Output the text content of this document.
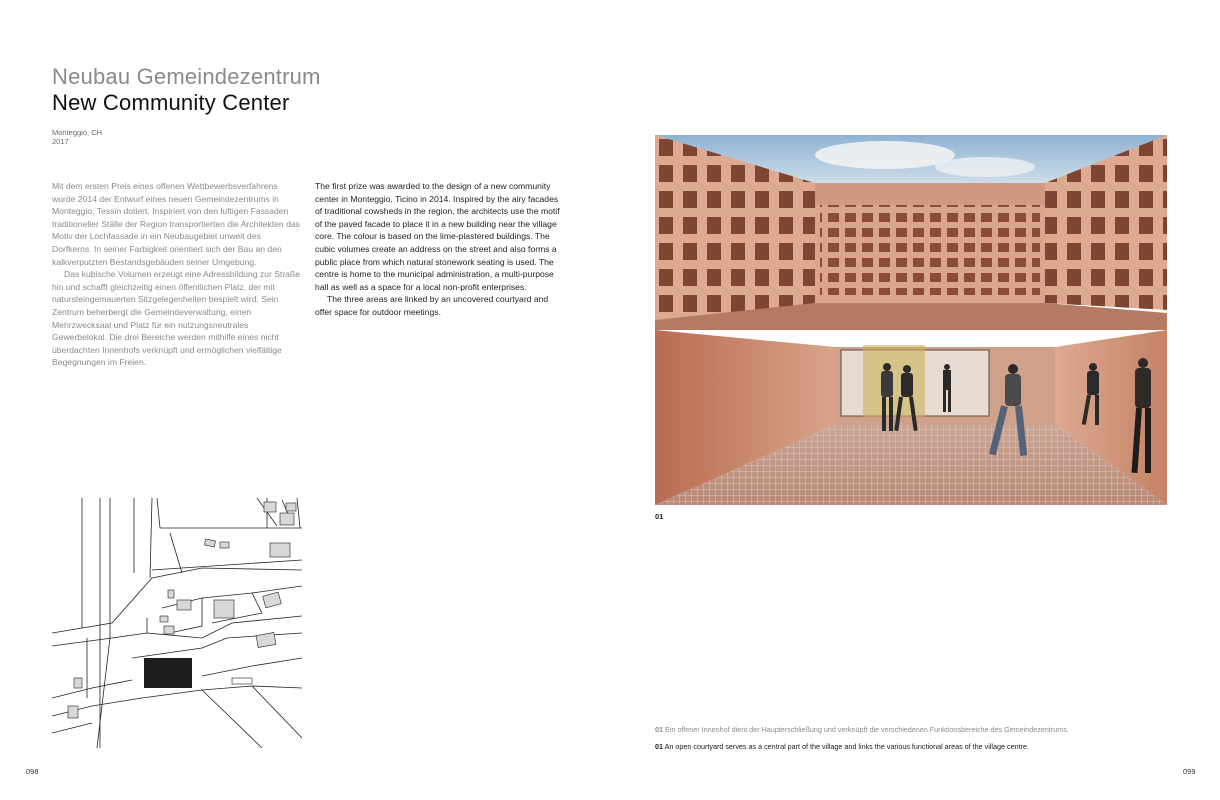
Neubau Gemeindezentrum
New Community Center
Monteggio, CH
2017

Mit dem ersten Preis eines offenen Wettbewerbsverfahrens wurde 2014 der Entwurf eines neuen Gemeindezentrums in Monteggio, Tessin dotiert. Inspiriert von den luftigen Fassaden traditioneller Ställe der Region transportierten die Architekten das Motiv der Lochfassade in ein Neubaugebiet unweit des Dorfkerns. In seiner Farbigkeit orientiert sich der Bau an den kalkverputzten Bestandsgebäuden seiner Umgebung.

Das kubische Volumen erzeugt eine Adressbildung zur Straße hin und schafft gleichzeitig einen öffentlichen Platz, der mit natursteingemauerten Sitzgelegenheiten bespielt wird. Sein Zentrum beherbergt die Gemeindeverwaltung, einen Mehrzwecksaal und Platz für ein nutzungsneutrales Gewerbelokal. Die drei Bereiche werden mithilfe eines nicht überdachten Innenhofs verknüpft und ermöglichen vielfältige Begegnungen im Freien.

The first prize was awarded to the design of a new community center in Monteggio, Ticino in 2014. Inspired by the airy facades of traditional cowsheds in the region, the architects use the motif of the paved facade to place it in a new building near the village core. The colour is based on the lime-plastered buildings. The cubic volumes create an address on the street and also forms a public place from which natural stonework seating is used. The centre is home to the municipal administration, a multi-purpose hall as well as a space for a local non-profit enterprises.

The three areas are linked by an uncovered courtyard and offer space for outdoor meetings.

098
01
01 Ein offener Innenhof dient der Haupterschließung und verknüpft die verschiedenen Funktionsbereiche des Gemeindezentrums.
01 An open courtyard serves as a central part of the village and links the various functional areas of the village centre.
099
